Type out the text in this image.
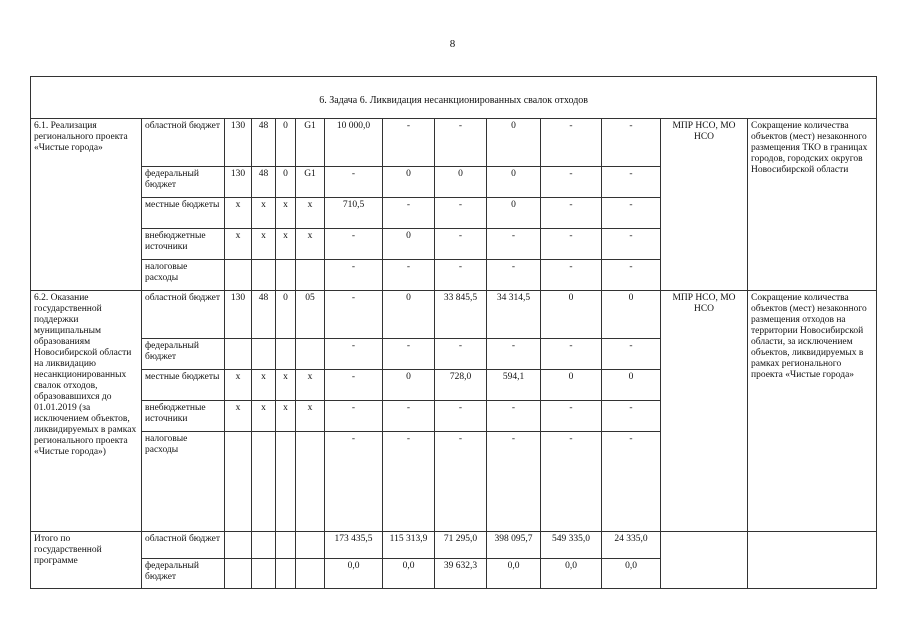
8
6. Задача 6. Ликвидация несанкционированных свалок отходов													
6.1. Реализация регионального проекта «Чистые города»	областной бюджет	130	48	0	G1	10 000,0	-	-	0	-	-	МПР НСО, МО НСО	Сокращение количества объектов (мест) незаконного размещения ТКО в границах городов, городских округов Новосибирской области
	федеральный бюджет	130	48	0	G1	-	0	0	0	-	-		
	местные бюджеты	x	x	x	x	710,5	-	-	0	-	-		
	внебюджетные источники	x	x	x	x	-	0	-	-	-	-		
	налоговые расходы					-	-	-	-	-	-		
6.2. Оказание государственной поддержки муниципальным образованиям Новосибирской области на ликвидацию несанкционированных свалок отходов, образовавшихся до 01.01.2019 (за исключением объектов, ликвидируемых в рамках регионального проекта «Чистые города»)	областной бюджет	130	48	0	05	-	0	33 845,5	34 314,5	0	0	МПР НСО, МО НСО	Сокращение количества объектов (мест) незаконного размещения отходов на территории Новосибирской области, за исключением объектов, ликвидируемых в рамках регионального проекта «Чистые города»
	федеральный бюджет					-	-	-	-	-	-		
	местные бюджеты	x	x	x	x	-	0	728,0	594,1	0	0		
	внебюджетные источники	x	x	x	x	-	-	-	-	-	-		
	налоговые расходы					-	-	-	-	-	-		
Итого по государственной программе	областной бюджет					173 435,5	115 313,9	71 295,0	398 095,7	549 335,0	24 335,0		
	федеральный бюджет					0,0	0,0	39 632,3	0,0	0,0	0,0		
